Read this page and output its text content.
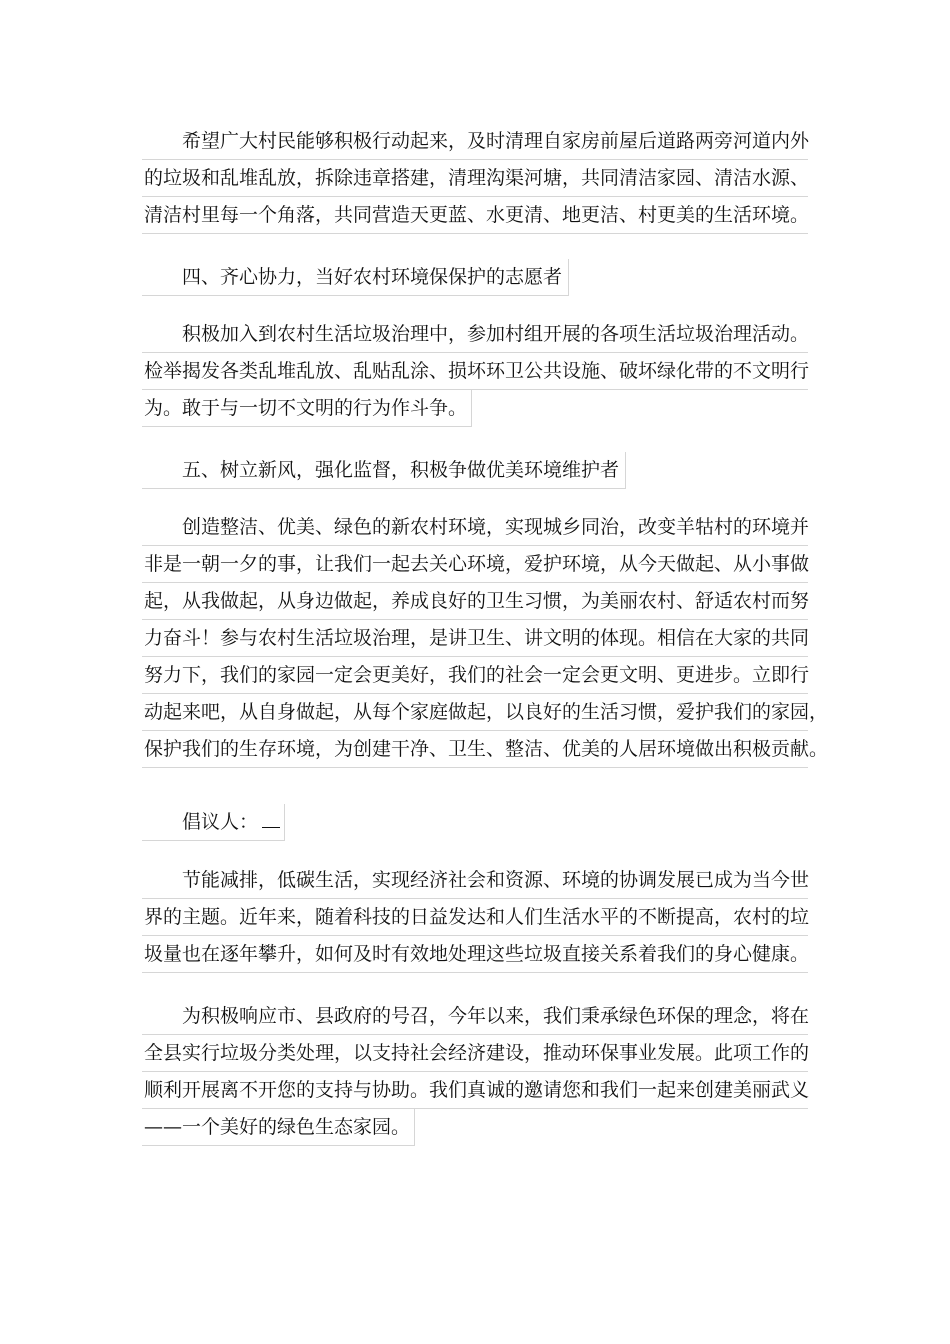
希望广大村民能够积极行动起来，及时清理自家房前屋后道路两旁河道内外
的垃圾和乱堆乱放，拆除违章搭建，清理沟渠河塘，共同清洁家园、清洁水源、
清洁村里每一个角落，共同营造天更蓝、水更清、地更洁、村更美的生活环境。
四、齐心协力，当好农村环境保保护的志愿者
积极加入到农村生活垃圾治理中，参加村组开展的各项生活垃圾治理活动。
检举揭发各类乱堆乱放、乱贴乱涂、损坏环卫公共设施、破坏绿化带的不文明行
为。敢于与一切不文明的行为作斗争。
五、树立新风，强化监督，积极争做优美环境维护者
创造整洁、优美、绿色的新农村环境，实现城乡同治，改变羊牯村的环境并
非是一朝一夕的事，让我们一起去关心环境，爱护环境，从今天做起、从小事做
起，从我做起，从身边做起，养成良好的卫生习惯，为美丽农村、舒适农村而努
力奋斗！参与农村生活垃圾治理，是讲卫生、讲文明的体现。相信在大家的共同
努力下，我们的家园一定会更美好，我们的社会一定会更文明、更进步。立即行
动起来吧，从自身做起，从每个家庭做起，以良好的生活习惯，爱护我们的家园，
保护我们的生存环境，为创建干净、卫生、整洁、优美的人居环境做出积极贡献。
倡议人：
节能减排，低碳生活，实现经济社会和资源、环境的协调发展已成为当今世
界的主题。近年来，随着科技的日益发达和人们生活水平的不断提高，农村的垃
圾量也在逐年攀升，如何及时有效地处理这些垃圾直接关系着我们的身心健康。
为积极响应市、县政府的号召，今年以来，我们秉承绿色环保的理念，将在
全县实行垃圾分类处理，以支持社会经济建设，推动环保事业发展。此项工作的
顺利开展离不开您的支持与协助。我们真诚的邀请您和我们一起来创建美丽武义
——一个美好的绿色生态家园。
